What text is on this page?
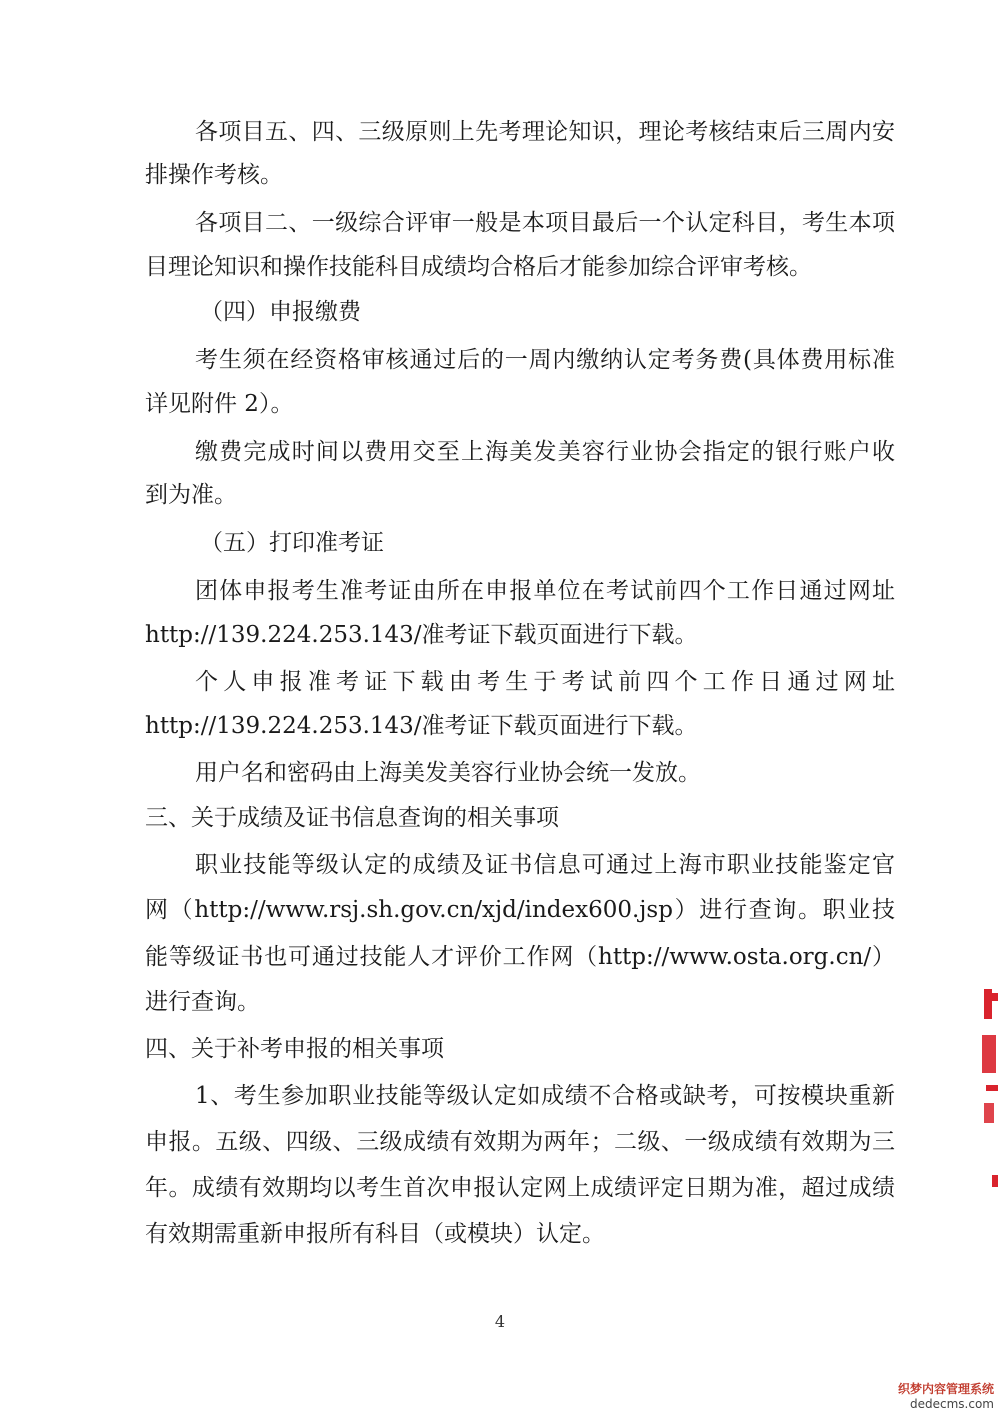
各项目五、四、三级原则上先考理论知识，理论考核结束后三周内安
排操作考核。
各项目二、一级综合评审一般是本项目最后一个认定科目，考生本项
目理论知识和操作技能科目成绩均合格后才能参加综合评审考核。
（四）申报缴费
考生须在经资格审核通过后的一周内缴纳认定考务费(具体费用标准
详见附件 2）。
缴费完成时间以费用交至上海美发美容行业协会指定的银行账户收
到为准。
（五）打印准考证
团体申报考生准考证由所在申报单位在考试前四个工作日通过网址
http://139.224.253.143/准考证下载页面进行下载。
个人申报准考证下载由考生于考试前四个工作日通过网址
http://139.224.253.143/准考证下载页面进行下载。
用户名和密码由上海美发美容行业协会统一发放。
三、关于成绩及证书信息查询的相关事项
职业技能等级认定的成绩及证书信息可通过上海市职业技能鉴定官
网（http://www.rsj.sh.gov.cn/xjd/index600.jsp）进行查询。职业技
能等级证书也可通过技能人才评价工作网（http://www.osta.org.cn/）
进行查询。
四、关于补考申报的相关事项
1、考生参加职业技能等级认定如成绩不合格或缺考，可按模块重新
申报。五级、四级、三级成绩有效期为两年；二级、一级成绩有效期为三
年。成绩有效期均以考生首次申报认定网上成绩评定日期为准，超过成绩
有效期需重新申报所有科目（或模块）认定。
4
织梦内容管理系统
dedecms.com
